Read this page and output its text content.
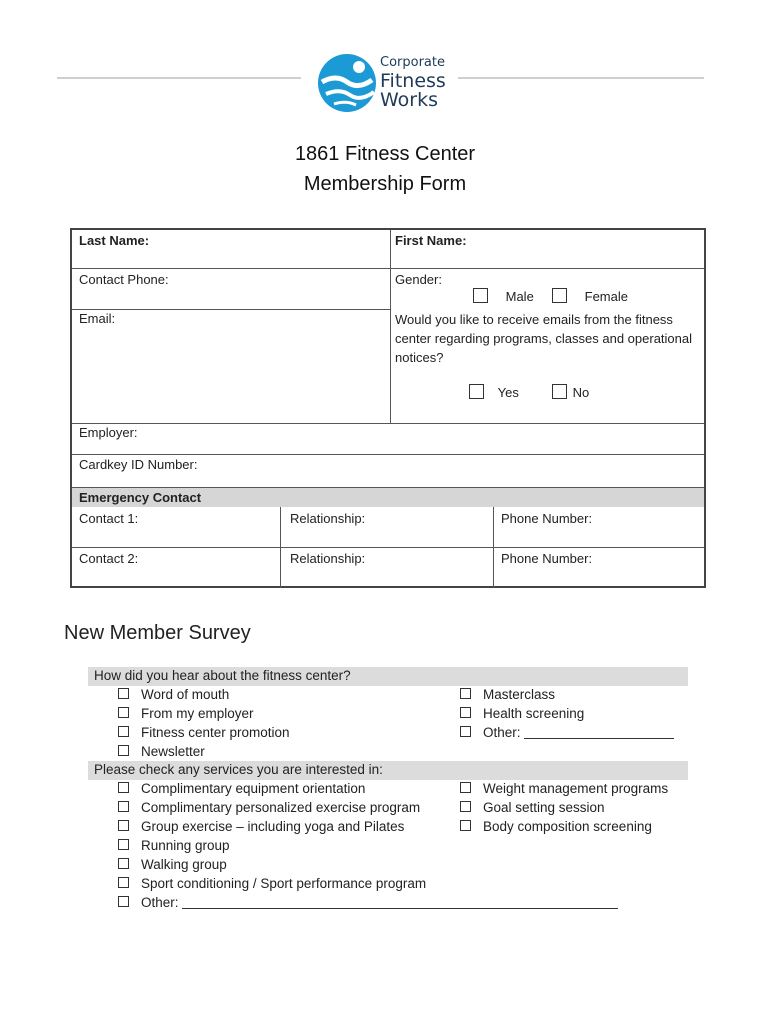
Corporate
Fitness
Works
1861 Fitness Center
Membership Form
Last Name:	First Name:
Contact Phone:	Gender:
Male	Female
Email:	Would you like to receive emails from the fitness center regarding programs, classes and operational notices?
Yes	No
Employer:
Cardkey ID Number:
Emergency Contact
Contact 1:	Relationship:	Phone Number:
Contact 2:	Relationship:	Phone Number:
New Member Survey
How did you hear about the fitness center?
Word of mouth
From my employer
Fitness center promotion
Newsletter
Masterclass
Health screening
Other:
Please check any services you are interested in:
Complimentary equipment orientation
Complimentary personalized exercise program
Group exercise – including yoga and Pilates
Running group
Walking group
Sport conditioning / Sport performance program
Other:
Weight management programs
Goal setting session
Body composition screening
